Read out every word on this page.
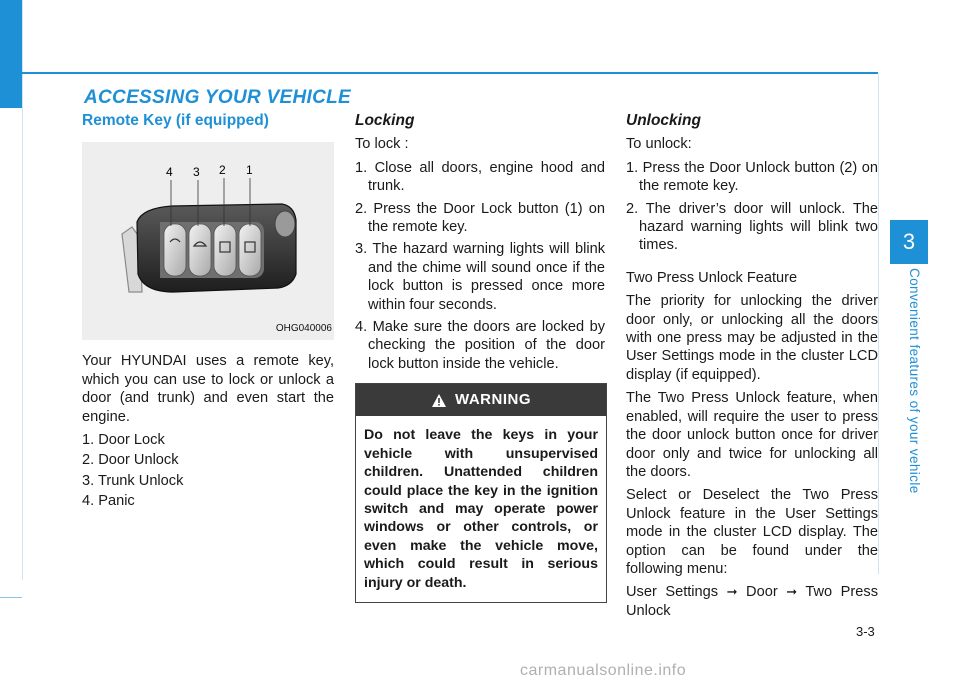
3
Convenient features of your vehicle
ACCESSING YOUR VEHICLE
Remote Key (if equipped)
4 3 2 1
OHG040006

Your HYUNDAI uses a remote key, which you can use to lock or unlock a door (and trunk) and even start the engine.

1. Door Lock
2. Door Unlock
3. Trunk Unlock
4. Panic
Locking

To lock :

1. Close all doors, engine hood and trunk.
2. Press the Door Lock button (1) on the remote key.
3. The hazard warning lights will blink and the chime will sound once if the lock button is pressed once more within four seconds.
4. Make sure the doors are locked by checking the position of the door lock button inside the vehicle.
WARNING
Do not leave the keys in your vehicle with unsupervised children. Unattended children could place the key in the ignition switch and may operate power windows or other controls, or even make the vehicle move, which could result in serious injury or death.
Unlocking

To unlock:

1. Press the Door Unlock button (2) on the remote key.
2. The driver’s door will unlock. The hazard warning lights will blink two times.

Two Press Unlock Feature

The priority for unlocking the driver door only, or unlocking all the doors with one press may be adjusted in the User Settings mode in the cluster LCD display (if equipped).

The Two Press Unlock feature, when enabled, will require the user to press the door unlock button once for driver door only and twice for unlocking all the doors.

Select or Deselect the Two Press Unlock feature in the User Settings mode in the cluster LCD display. The option can be found under the following menu:

User Settings ➞ Door ➞ Two Press Unlock

3-3
carmanualsonline.info
